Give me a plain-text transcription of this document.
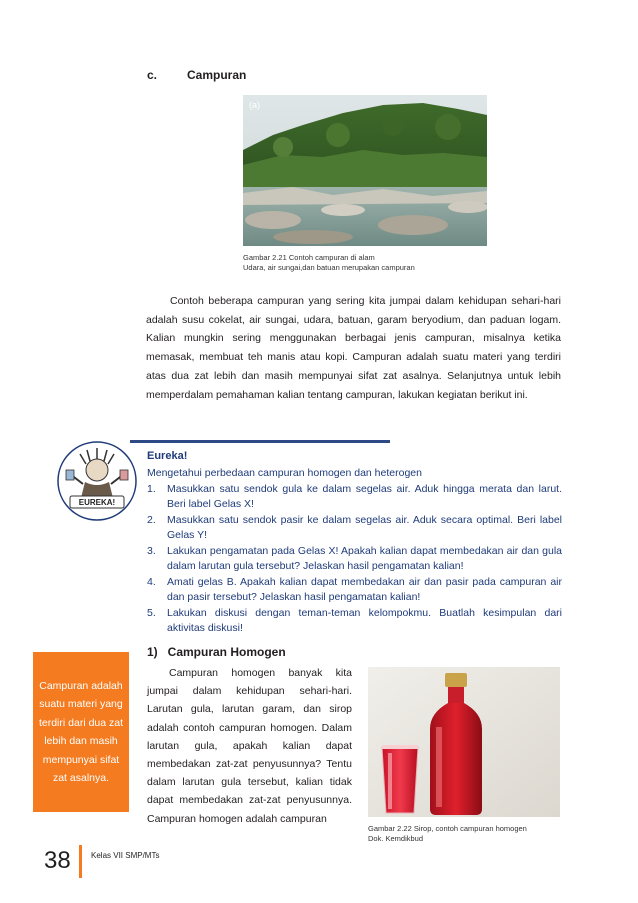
c. Campuran
(a)
Gambar 2.21 Contoh campuran di alam
Udara, air sungai,dan batuan merupakan campuran

Contoh beberapa campuran yang sering kita jumpai dalam kehidupan sehari-hari adalah susu cokelat, air sungai, udara, batuan, garam beryodium, dan paduan logam. Kalian mungkin sering menggunakan berbagai jenis campuran, misalnya ketika memasak, membuat teh manis atau kopi. Campuran adalah suatu materi yang terdiri atas dua zat lebih dan masih mempunyai sifat zat asalnya. Selanjutnya untuk lebih memperdalam pemahaman kalian tentang campuran, lakukan kegiatan berikut ini.

EUREKA!
Eureka!
Mengetahui perbedaan campuran homogen dan heterogen
1. Masukkan satu sendok gula ke dalam segelas air. Aduk hingga merata dan larut. Beri label Gelas X!
2. Masukkan satu sendok pasir ke dalam segelas air. Aduk secara optimal. Beri label Gelas Y!
3. Lakukan pengamatan pada Gelas X! Apakah kalian dapat membedakan air dan gula dalam larutan gula tersebut? Jelaskan hasil pengamatan kalian!
4. Amati gelas B. Apakah kalian dapat membedakan air dan pasir pada campuran air dan pasir tersebut? Jelaskan hasil pengamatan kalian!
5. Lakukan diskusi dengan teman-teman kelompokmu. Buatlah kesimpulan dari aktivitas diskusi!
1) Campuran Homogen
Campuran adalah suatu materi yang terdiri dari dua zat lebih dan masih mempunyai sifat zat asalnya.

Campuran homogen banyak kita jumpai dalam kehidupan sehari-hari. Larutan gula, larutan garam, dan sirop adalah contoh campuran homogen. Dalam larutan gula, apakah kalian dapat membedakan zat-zat penyusunnya? Tentu dalam larutan gula tersebut, kalian tidak dapat membedakan zat-zat penyusunnya. Campuran homogen adalah campuran

Gambar 2.22 Sirop, contoh campuran homogen
Dok. Kemdikbud
38	Kelas VII SMP/MTs
